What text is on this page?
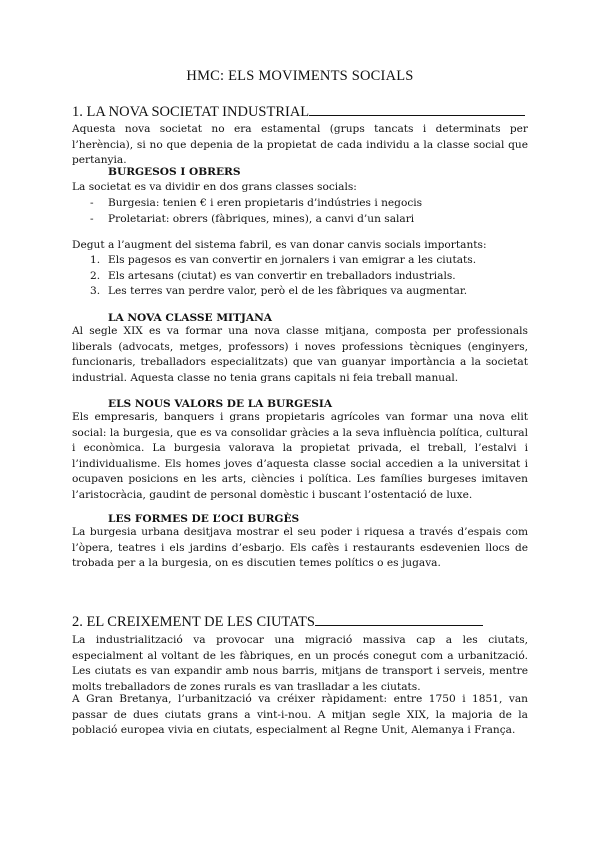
HMC: ELS MOVIMENTS SOCIALS
1. LA NOVA SOCIETAT INDUSTRIAL
Aquesta nova societat no era estamental (grups tancats i determinats per l’herència), si no que depenia de la propietat de cada individu a la classe social que pertanyia.
BURGESOS I OBRERS
La societat es va dividir en dos grans classes socials:
- Burgesia: tenien € i eren propietaris d’indústries i negocis
- Proletariat: obrers (fàbriques, mines), a canvi d’un salari
Degut a l’augment del sistema fabril, es van donar canvis socials importants:
1. Els pagesos es van convertir en jornalers i van emigrar a les ciutats.
2. Els artesans (ciutat) es van convertir en treballadors industrials.
3. Les terres van perdre valor, però el de les fàbriques va augmentar.
LA NOVA CLASSE MITJANA
Al segle XIX es va formar una nova classe mitjana, composta per professionals liberals (advocats, metges, professors) i noves professions tècniques (enginyers, funcionaris, treballadors especialitzats) que van guanyar importància a la societat industrial. Aquesta classe no tenia grans capitals ni feia treball manual.
ELS NOUS VALORS DE LA BURGESIA
Els empresaris, banquers i grans propietaris agrícoles van formar una nova elit social: la burgesia, que es va consolidar gràcies a la seva influència política, cultural i econòmica. La burgesia valorava la propietat privada, el treball, l’estalvi i l’individualisme. Els homes joves d’aquesta classe social accedien a la universitat i ocupaven posicions en les arts, ciències i política. Les famílies burgeses imitaven l’aristocràcia, gaudint de personal domèstic i buscant l’ostentació de luxe.
LES FORMES DE L’OCI BURGÈS
La burgesia urbana desitjava mostrar el seu poder i riquesa a través d’espais com l’òpera, teatres i els jardins d’esbarjo. Els cafès i restaurants esdevenien llocs de trobada per a la burgesia, on es discutien temes polítics o es jugava.
2. EL CREIXEMENT DE LES CIUTATS
La industrialització va provocar una migració massiva cap a les ciutats, especialment al voltant de les fàbriques, en un procés conegut com a urbanització. Les ciutats es van expandir amb nous barris, mitjans de transport i serveis, mentre molts treballadors de zones rurals es van traslladar a les ciutats.
A Gran Bretanya, l’urbanització va créixer ràpidament: entre 1750 i 1851, van passar de dues ciutats grans a vint-i-nou. A mitjan segle XIX, la majoria de la població europea vivia en ciutats, especialment al Regne Unit, Alemanya i França.
